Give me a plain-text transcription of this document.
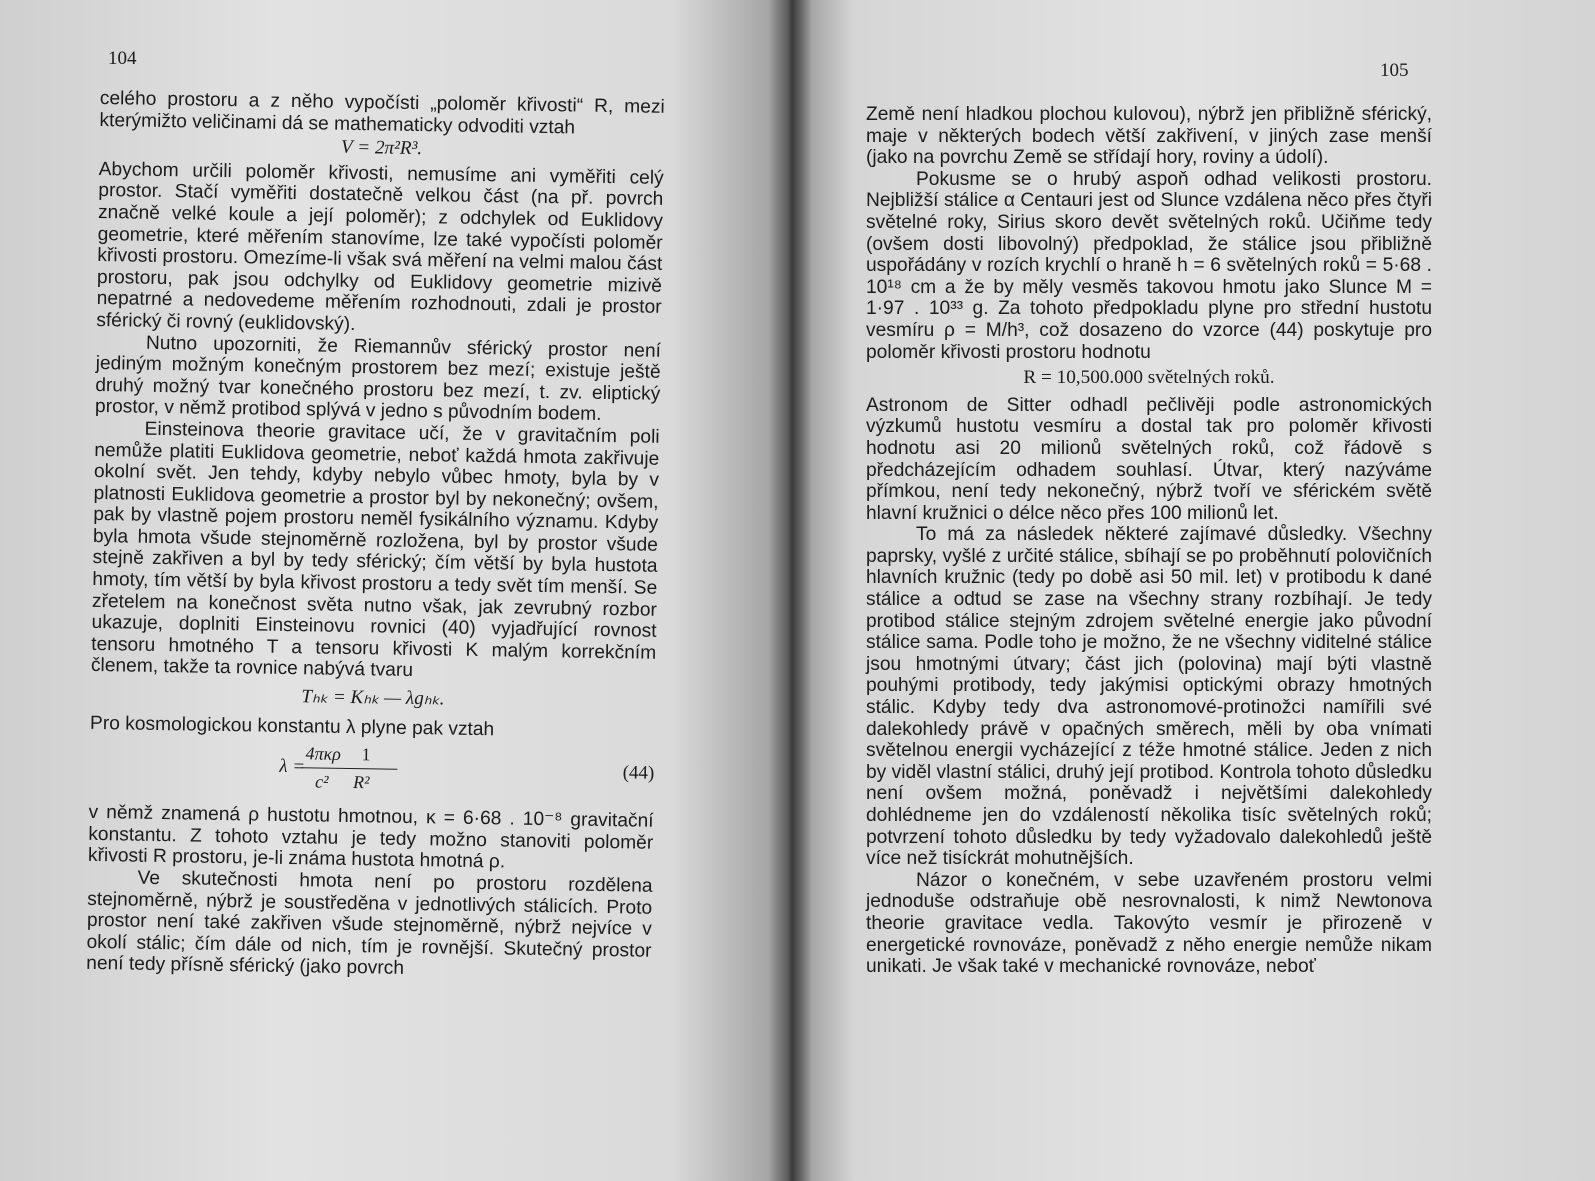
104

celého prostoru a z něho vypočísti „poloměr křivosti“ R, mezi kterýmižto veličinami dá se mathematicky odvoditi vztah

V = 2π²R³.

Abychom určili poloměr křivosti, nemusíme ani vyměřiti celý prostor. Stačí vyměřiti dostatečně velkou část (na př. povrch značně velké koule a její poloměr); z odchylek od Euklidovy geometrie, které měřením stanovíme, lze také vypočísti poloměr křivosti prostoru. Omezíme-li však svá měření na velmi malou část prostoru, pak jsou odchylky od Euklidovy geometrie mizivě nepatrné a nedovedeme měřením rozhodnouti, zdali je prostor sférický či rovný (euklidovský).

Nutno upozorniti, že Riemannův sférický prostor není jediným možným konečným prostorem bez mezí; existuje ještě druhý možný tvar konečného prostoru bez mezí, t. zv. eliptický prostor, v němž protibod splývá v jedno s původním bodem.

Einsteinova theorie gravitace učí, že v gravitačním poli nemůže platiti Euklidova geometrie, neboť každá hmota zakřivuje okolní svět. Jen tehdy, kdyby nebylo vůbec hmoty, byla by v platnosti Euklidova geometrie a prostor byl by nekonečný; ovšem, pak by vlastně pojem prostoru neměl fysikálního významu. Kdyby byla hmota všude stejnoměrně rozložena, byl by prostor všude stejně zakřiven a byl by tedy sférický; čím větší by byla hustota hmoty, tím větší by byla křivost prostoru a tedy svět tím menší. Se zřetelem na konečnost světa nutno však, jak zevrubný rozbor ukazuje, doplniti Einsteinovu rovnici (40) vyjadřující rovnost tensoru hmotného T a tensoru křivosti K malým korrekčním členem, takže ta rovnice nabývá tvaru

Tₕₖ = Kₕₖ — λgₕₖ.

Pro kosmologickou konstantu λ plyne pak vztah

λ =
4πκρ
c²
1
R²	(44)

v němž znamená ρ hustotu hmotnou, κ = 6·68 . 10⁻⁸ gravitační konstantu. Z tohoto vztahu je tedy možno stanoviti poloměr křivosti R prostoru, je-li známa hustota hmotná ρ.

Ve skutečnosti hmota není po prostoru rozdělena stejnoměrně, nýbrž je soustředěna v jednotlivých stálicích. Proto prostor není také zakřiven všude stejnoměrně, nýbrž nejvíce v okolí stálic; čím dále od nich, tím je rovnější. Skutečný prostor není tedy přísně sférický (jako povrch

105

Země není hladkou plochou kulovou), nýbrž jen přibližně sférický, maje v některých bodech větší zakřivení, v jiných zase menší (jako na povrchu Země se střídají hory, roviny a údolí).

Pokusme se o hrubý aspoň odhad velikosti prostoru. Nejbližší stálice α Centauri jest od Slunce vzdálena něco přes čtyři světelné roky, Sirius skoro devět světelných roků. Učiňme tedy (ovšem dosti libovolný) předpoklad, že stálice jsou přibližně uspořádány v rozích krychlí o hraně h = 6 světelných roků = 5·68 . 10¹⁸ cm a že by měly vesměs takovou hmotu jako Slunce M = 1·97 . 10³³ g. Za tohoto předpokladu plyne pro střední hustotu vesmíru ρ = M/h³, což dosazeno do vzorce (44) poskytuje pro poloměr křivosti prostoru hodnotu

R = 10,500.000 světelných roků.

Astronom de Sitter odhadl pečlivěji podle astronomických výzkumů hustotu vesmíru a dostal tak pro poloměr křivosti hodnotu asi 20 milionů světelných roků, což řádově s předcházejícím odhadem souhlasí. Útvar, který nazýváme přímkou, není tedy nekonečný, nýbrž tvoří ve sférickém světě hlavní kružnici o délce něco přes 100 milionů let.

To má za následek některé zajímavé důsledky. Všechny paprsky, vyšlé z určité stálice, sbíhají se po proběhnutí polovičních hlavních kružnic (tedy po době asi 50 mil. let) v protibodu k dané stálice a odtud se zase na všechny strany rozbíhají. Je tedy protibod stálice stejným zdrojem světelné energie jako původní stálice sama. Podle toho je možno, že ne všechny viditelné stálice jsou hmotnými útvary; část jich (polovina) mají býti vlastně pouhými protibody, tedy jakýmisi optickými obrazy hmotných stálic. Kdyby tedy dva astronomové-protinožci namířili své dalekohledy právě v opačných směrech, měli by oba vnímati světelnou energii vycházející z téže hmotné stálice. Jeden z nich by viděl vlastní stálici, druhý její protibod. Kontrola tohoto důsledku není ovšem možná, poněvadž i největšími dalekohledy dohlédneme jen do vzdáleností několika tisíc světelných roků; potvrzení tohoto důsledku by tedy vyžadovalo dalekohledů ještě více než tisíckrát mohutnějších.

Názor o konečném, v sebe uzavřeném prostoru velmi jednoduše odstraňuje obě nesrovnalosti, k nimž Newtonova theorie gravitace vedla. Takovýto vesmír je přirozeně v energetické rovnováze, poněvadž z něho energie nemůže nikam unikati. Je však také v mechanické rovnováze, neboť
